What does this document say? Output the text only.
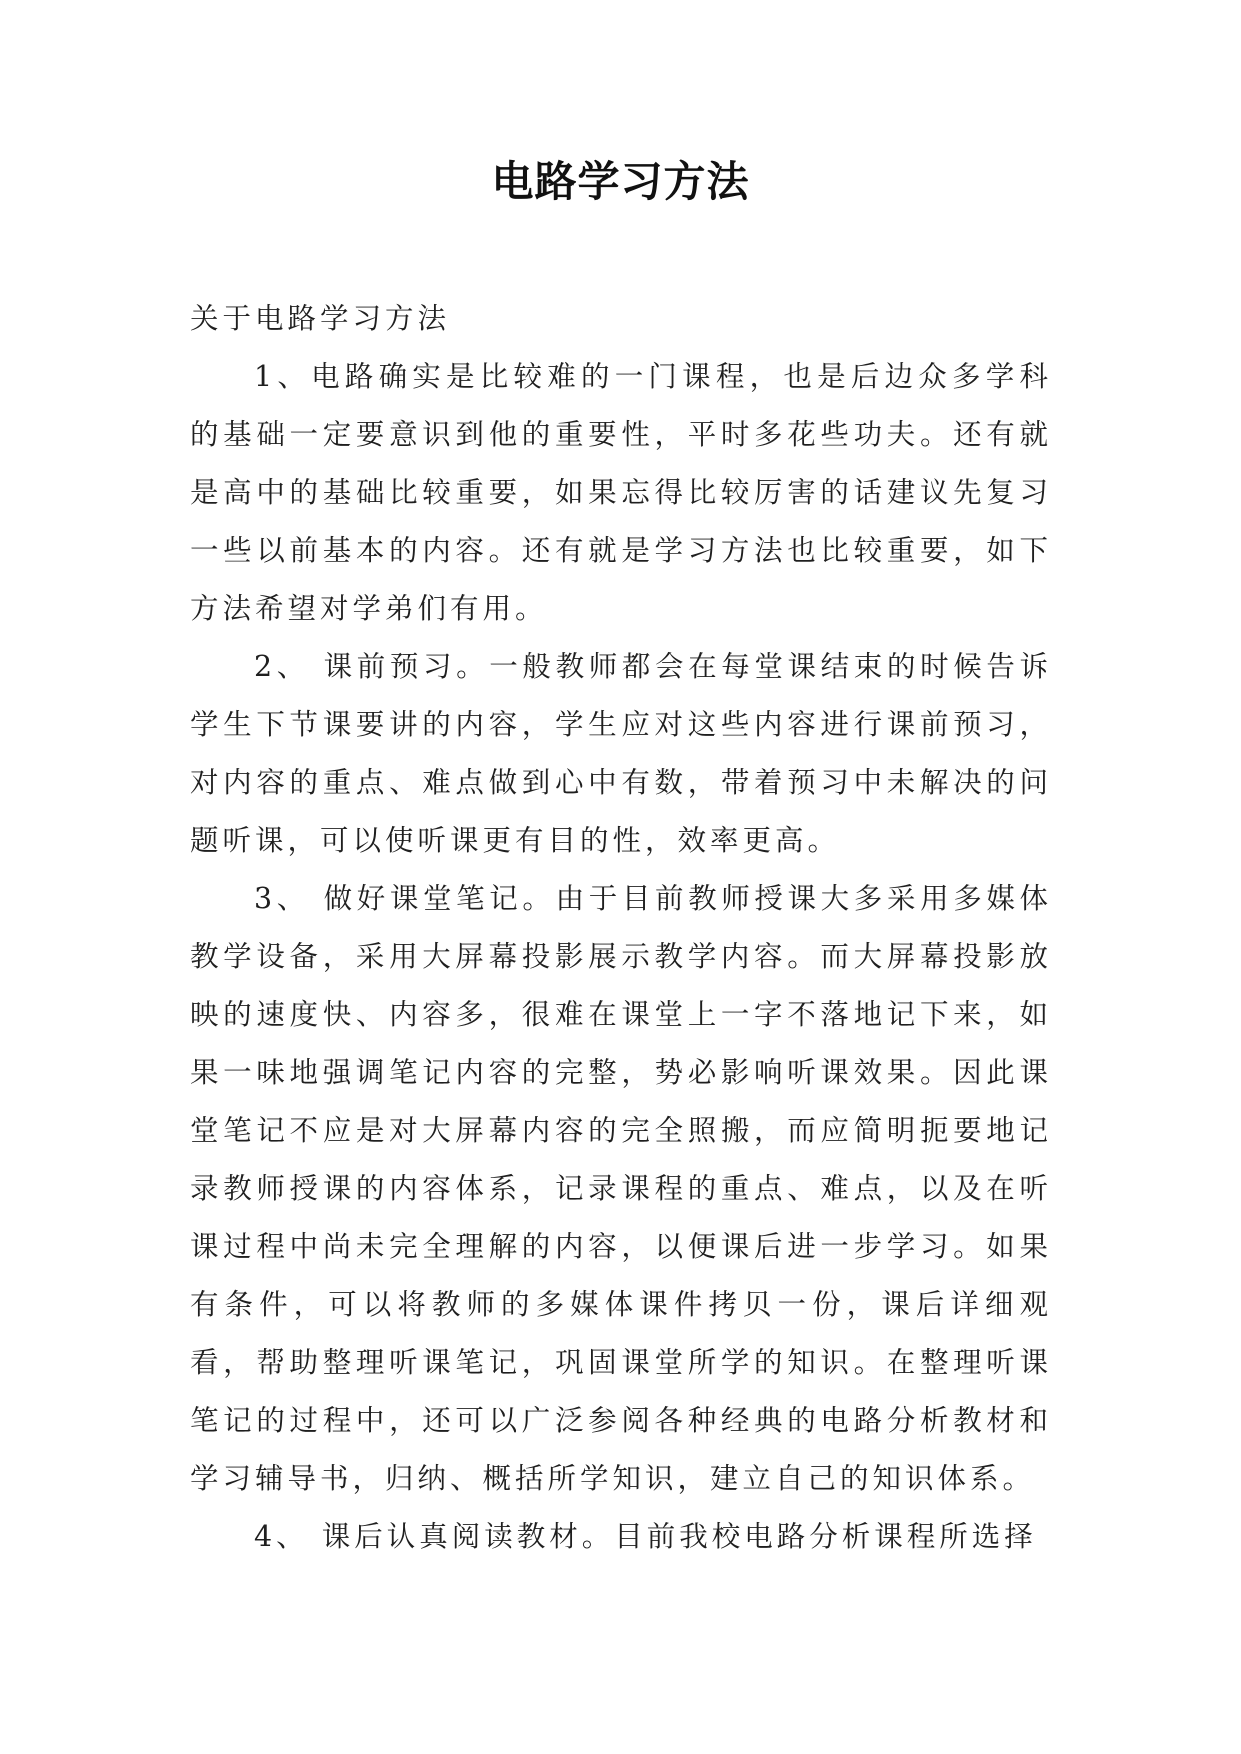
电路学习方法

关于电路学习方法

1、电路确实是比较难的一门课程，也是后边众多学科的基础一定要意识到他的重要性，平时多花些功夫。还有就是高中的基础比较重要，如果忘得比较厉害的话建议先复习一些以前基本的内容。还有就是学习方法也比较重要，如下方法希望对学弟们有用。

2、 课前预习。一般教师都会在每堂课结束的时候告诉学生下节课要讲的内容，学生应对这些内容进行课前预习，对内容的重点、难点做到心中有数，带着预习中未解决的问题听课，可以使听课更有目的性，效率更高。

3、 做好课堂笔记。由于目前教师授课大多采用多媒体教学设备，采用大屏幕投影展示教学内容。而大屏幕投影放映的速度快、内容多，很难在课堂上一字不落地记下来，如果一味地强调笔记内容的完整，势必影响听课效果。因此课堂笔记不应是对大屏幕内容的完全照搬，而应简明扼要地记录教师授课的内容体系，记录课程的重点、难点，以及在听课过程中尚未完全理解的内容，以便课后进一步学习。如果有条件，可以将教师的多媒体课件拷贝一份，课后详细观看，帮助整理听课笔记，巩固课堂所学的知识。在整理听课笔记的过程中，还可以广泛参阅各种经典的电路分析教材和学习辅导书，归纳、概括所学知识，建立自己的知识体系。

4、 课后认真阅读教材。目前我校电路分析课程所选择
